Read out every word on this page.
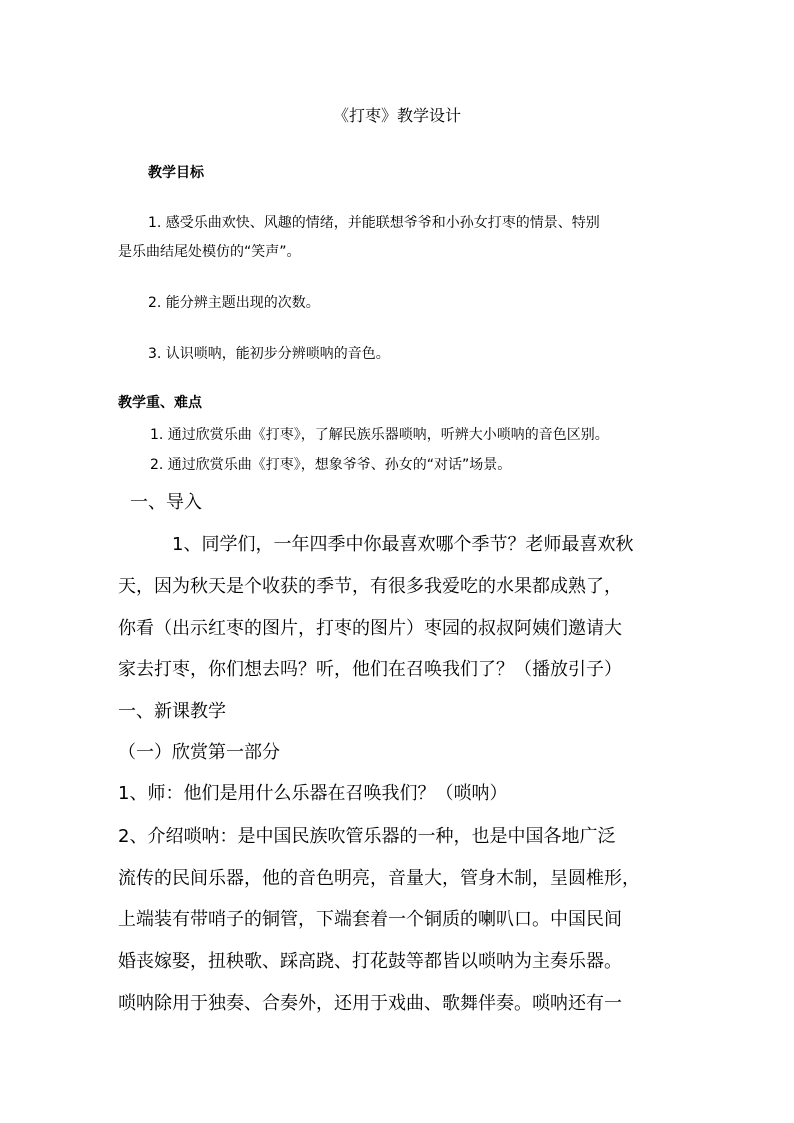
《打枣》教学设计

教学目标

1. 感受乐曲欢快、风趣的情绪，并能联想爷爷和小孙女打枣的情景、特别

是乐曲结尾处模仿的“笑声”。

2. 能分辨主题出现的次数。

3. 认识唢呐，能初步分辨唢呐的音色。

教学重、难点

1. 通过欣赏乐曲《打枣》，了解民族乐器唢呐，听辨大小唢呐的音色区别。

2. 通过欣赏乐曲《打枣》，想象爷爷、孙女的“对话”场景。

一、导入

1、同学们，一年四季中你最喜欢哪个季节？老师最喜欢秋

天，因为秋天是个收获的季节，有很多我爱吃的水果都成熟了，

你看（出示红枣的图片，打枣的图片）枣园的叔叔阿姨们邀请大

家去打枣，你们想去吗？听，他们在召唤我们了？（播放引子）

一、新课教学

（一）欣赏第一部分

1、师：他们是用什么乐器在召唤我们？（唢呐）

2、介绍唢呐：是中国民族吹管乐器的一种，也是中国各地广泛

流传的民间乐器，他的音色明亮，音量大，管身木制，呈圆椎形，

上端装有带哨子的铜管，下端套着一个铜质的喇叭口。中国民间

婚丧嫁娶，扭秧歌、踩高跷、打花鼓等都皆以唢呐为主奏乐器。

唢呐除用于独奏、合奏外，还用于戏曲、歌舞伴奏。唢呐还有一
